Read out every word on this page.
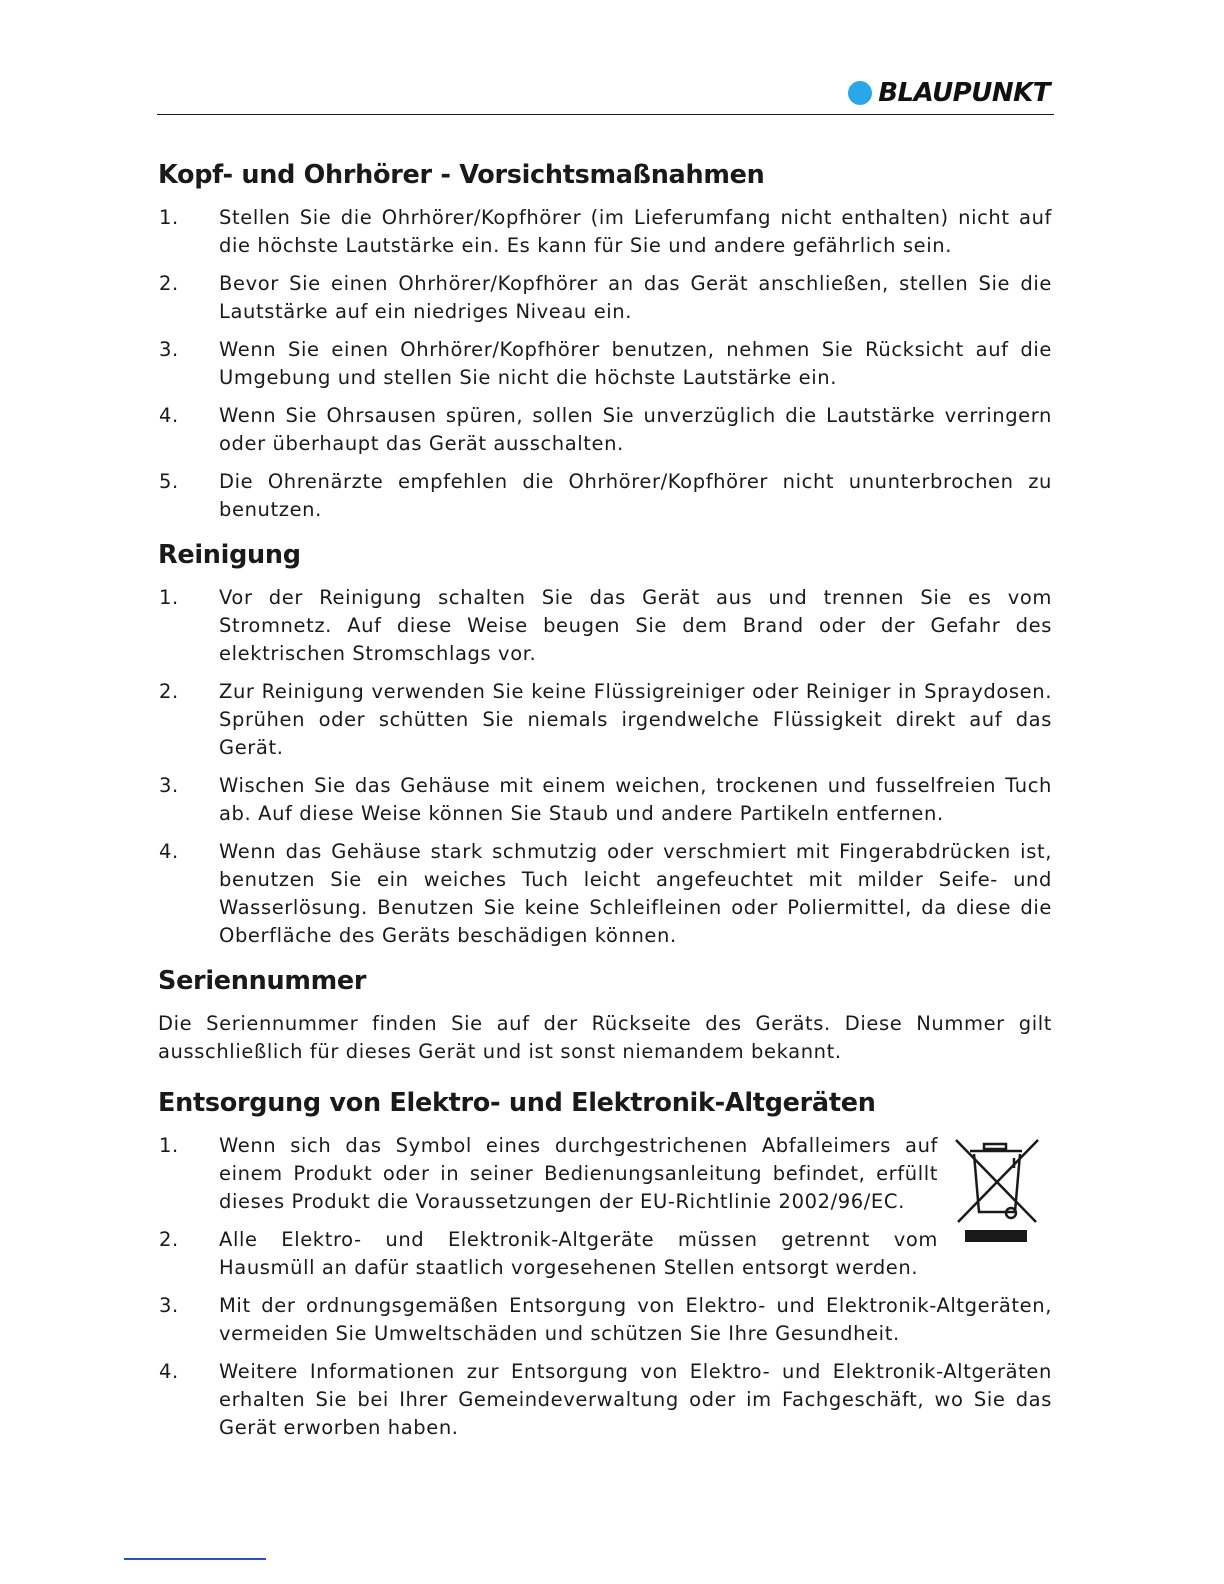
BLAUPUNKT
Kopf- und Ohrhörer - Vorsichtsmaßnahmen
1. Stellen Sie die Ohrhörer/Kopfhörer (im Lieferumfang nicht enthalten) nicht auf die höchste Lautstärke ein. Es kann für Sie und andere gefährlich sein.
2. Bevor Sie einen Ohrhörer/Kopfhörer an das Gerät anschließen, stellen Sie die Lautstärke auf ein niedriges Niveau ein.
3. Wenn Sie einen Ohrhörer/Kopfhörer benutzen, nehmen Sie Rücksicht auf die Umgebung und stellen Sie nicht die höchste Lautstärke ein.
4. Wenn Sie Ohrsausen spüren, sollen Sie unverzüglich die Lautstärke verringern oder überhaupt das Gerät ausschalten.
5. Die Ohrenärzte empfehlen die Ohrhörer/Kopfhörer nicht ununterbrochen zu benutzen.
Reinigung
1. Vor der Reinigung schalten Sie das Gerät aus und trennen Sie es vom Stromnetz. Auf diese Weise beugen Sie dem Brand oder der Gefahr des elektrischen Stromschlags vor.
2. Zur Reinigung verwenden Sie keine Flüssigreiniger oder Reiniger in Spraydosen. Sprühen oder schütten Sie niemals irgendwelche Flüssigkeit direkt auf das Gerät.
3. Wischen Sie das Gehäuse mit einem weichen, trockenen und fusselfreien Tuch ab. Auf diese Weise können Sie Staub und andere Partikeln entfernen.
4. Wenn das Gehäuse stark schmutzig oder verschmiert mit Fingerabdrücken ist, benutzen Sie ein weiches Tuch leicht angefeuchtet mit milder Seife- und Wasserlösung. Benutzen Sie keine Schleifleinen oder Poliermittel, da diese die Oberfläche des Geräts beschädigen können.
Seriennummer

Die Seriennummer finden Sie auf der Rückseite des Geräts. Diese Nummer gilt ausschließlich für dieses Gerät und ist sonst niemandem bekannt.

Entsorgung von Elektro- und Elektronik-Altgeräten
1. Wenn sich das Symbol eines durchgestrichenen Abfalleimers auf einem Produkt oder in seiner Bedienungsanleitung befindet, erfüllt dieses Produkt die Voraussetzungen der EU-Richtlinie 2002/96/EC.
2. Alle Elektro- und Elektronik-Altgeräte müssen getrennt vom Hausmüll an dafür staatlich vorgesehenen Stellen entsorgt werden.
3. Mit der ordnungsgemäßen Entsorgung von Elektro- und Elektronik-Altgeräten, vermeiden Sie Umweltschäden und schützen Sie Ihre Gesundheit.
4. Weitere Informationen zur Entsorgung von Elektro- und Elektronik-Altgeräten erhalten Sie bei Ihrer Gemeindeverwaltung oder im Fachgeschäft, wo Sie das Gerät erworben haben.
